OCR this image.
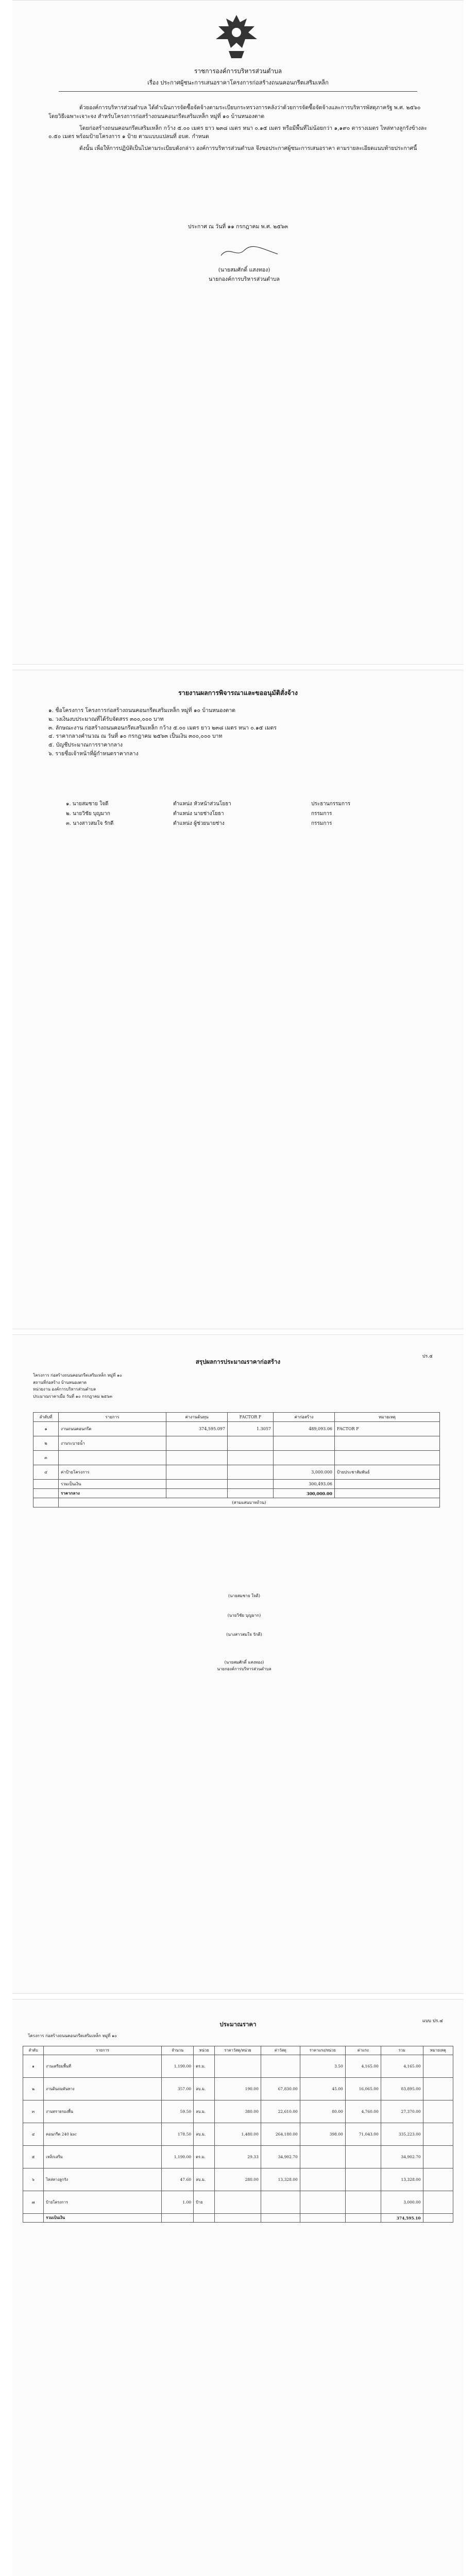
ราชการองค์การบริหารส่วนตำบล
เรื่อง ประกาศผู้ชนะการเสนอราคาโครงการก่อสร้างถนนคอนกรีตเสริมเหล็ก

ด้วยองค์การบริหารส่วนตำบล ได้ดำเนินการจัดซื้อจัดจ้างตามระเบียบกระทรวงการคลังว่าด้วยการจัดซื้อจัดจ้างและการบริหารพัสดุภาครัฐ พ.ศ. ๒๕๖๐ โดยวิธีเฉพาะเจาะจง สำหรับโครงการก่อสร้างถนนคอนกรีตเสริมเหล็ก หมู่ที่ ๑๐ บ้านหนองตาด

โดยก่อสร้างถนนคอนกรีตเสริมเหล็ก กว้าง ๕.๐๐ เมตร ยาว ๒๓๘ เมตร หนา ๐.๑๕ เมตร หรือมีพื้นที่ไม่น้อยกว่า ๑,๑๙๐ ตารางเมตร ไหล่ทางลูกรังข้างละ ๐.๕๐ เมตร พร้อมป้ายโครงการ ๑ ป้าย ตามแบบแปลนที่ อบต. กำหนด

ดังนั้น เพื่อให้การปฏิบัติเป็นไปตามระเบียบดังกล่าว องค์การบริหารส่วนตำบล จึงขอประกาศผู้ชนะการเสนอราคา ตามรายละเอียดแนบท้ายประกาศนี้

ประกาศ ณ วันที่ ๑๑ กรกฎาคม พ.ศ. ๒๕๖๓
(นายสมศักดิ์ แสงทอง)
นายกองค์การบริหารส่วนตำบล
รายงานผลการพิจารณาและขออนุมัติสั่งจ้าง

๑. ชื่อโครงการ โครงการก่อสร้างถนนคอนกรีตเสริมเหล็ก หมู่ที่ ๑๐ บ้านหนองตาด

๒. วงเงินงบประมาณที่ได้รับจัดสรร ๓๐๐,๐๐๐ บาท

๓. ลักษณะงาน ก่อสร้างถนนคอนกรีตเสริมเหล็ก กว้าง ๕.๐๐ เมตร ยาว ๒๓๘ เมตร หนา ๐.๑๕ เมตร

๔. ราคากลางคำนวณ ณ วันที่ ๑๐ กรกฎาคม ๒๕๖๓ เป็นเงิน ๓๐๐,๐๐๐ บาท

๕. บัญชีประมาณการราคากลาง

๖. รายชื่อเจ้าหน้าที่ผู้กำหนดราคากลาง

๑. นายสมชาย ใจดี	ตำแหน่ง หัวหน้าส่วนโยธา	ประธานกรรมการ
๒. นายวิชัย บุญมาก	ตำแหน่ง นายช่างโยธา	กรรมการ
๓. นางสาวสมใจ รักดี	ตำแหน่ง ผู้ช่วยนายช่าง	กรรมการ
ปร.๕
สรุปผลการประมาณราคาก่อสร้าง
โครงการ ก่อสร้างถนนคอนกรีตเสริมเหล็ก หมู่ที่ ๑๐
สถานที่ก่อสร้าง บ้านหนองตาด
หน่วยงาน องค์การบริหารส่วนตำบล
ประมาณราคาเมื่อ วันที่ ๑๐ กรกฎาคม ๒๕๖๓
ลำดับที่	รายการ	ค่างานต้นทุน	FACTOR F	ค่าก่อสร้าง	หมายเหตุ
๑	งานถนนคอนกรีต	374,595.097	1.3057	489,093.06	FACTOR F
๒	งานระบายน้ำ				
๓					
๔	ค่าป้ายโครงการ			3,000.000	ป้ายประชาสัมพันธ์
	รวมเป็นเงิน			300,493.06	
	ราคากลาง			300,000.00	
	(สามแสนบาทถ้วน)				
(นายสมชาย ใจดี)
(นายวิชัย บุญมาก)
(นางสาวสมใจ รักดี)
(นายสมศักดิ์ แสงทอง)
นายกองค์การบริหารส่วนตำบล
แบบ ปร.๔
ประมาณราคา
โครงการ ก่อสร้างถนนคอนกรีตเสริมเหล็ก หมู่ที่ ๑๐
ลำดับ	รายการ	จำนวน	หน่วย	ราคาวัสดุ/หน่วย	ค่าวัสดุ	ราคาแรง/หน่วย	ค่าแรง	รวม	หมายเหตุ
๑	งานเตรียมพื้นที่	1,190.00	ตร.ม.			3.50	4,165.00	4,165.00	
๒	งานดินถมคันทาง	357.00	ลบ.ม.	190.00	67,830.00	45.00	16,065.00	83,895.00	
๓	งานทรายรองพื้น	59.50	ลบ.ม.	380.00	22,610.00	80.00	4,760.00	27,370.00	
๔	คอนกรีต 240 ksc	178.50	ลบ.ม.	1,480.00	264,180.00	398.00	71,043.00	335,223.00	
๕	เหล็กเสริม	1,190.00	ตร.ม.	29.33	34,902.70			34,902.70	
๖	ไหล่ทางลูกรัง	47.60	ลบ.ม.	280.00	13,328.00			13,328.00	
๗	ป้ายโครงการ	1.00	ป้าย					3,000.00	
	รวมเป็นเงิน							374,595.10	
